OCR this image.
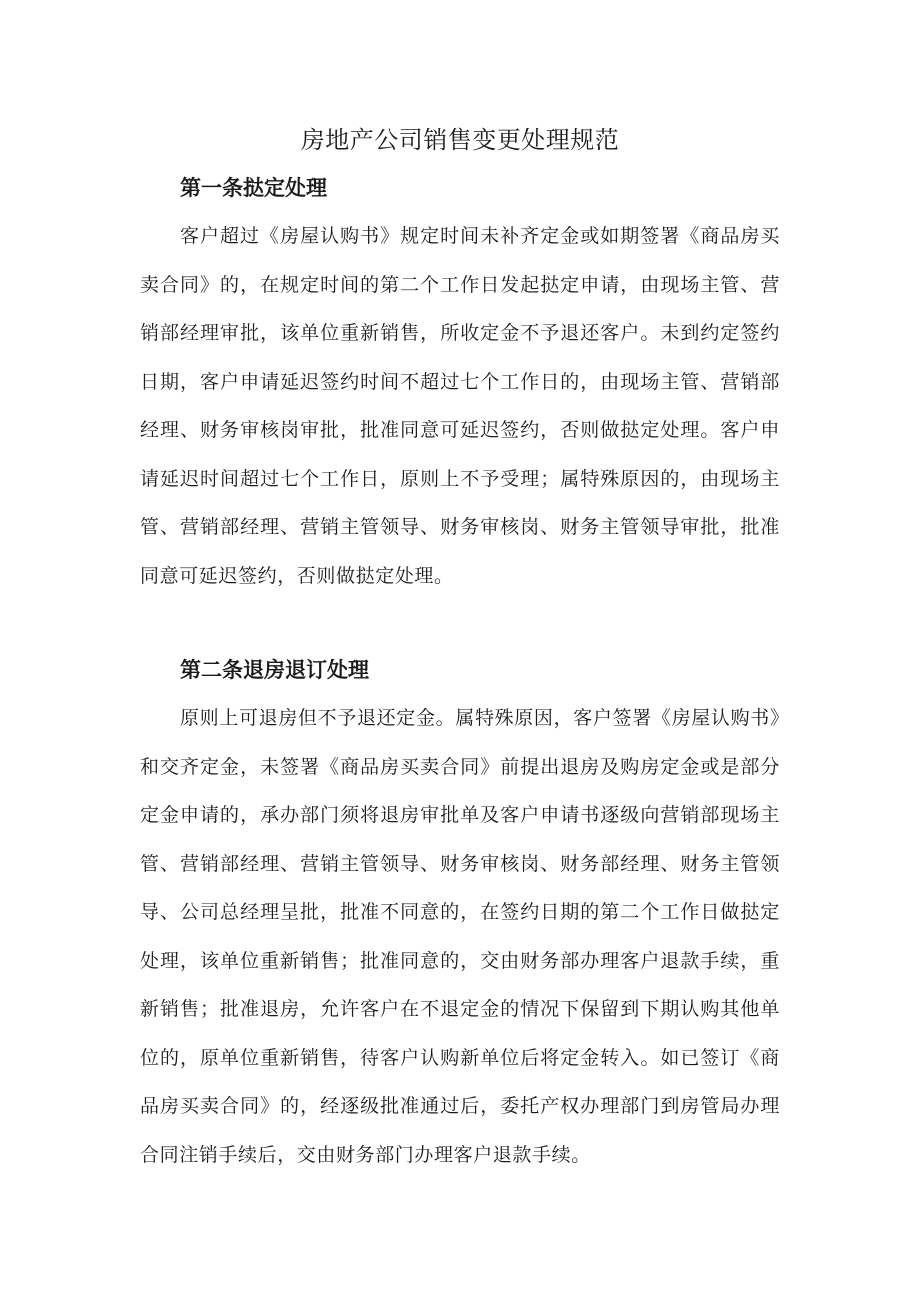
房地产公司销售变更处理规范
第一条挞定处理

客户超过《房屋认购书》规定时间未补齐定金或如期签署《商品房买卖合同》的，在规定时间的第二个工作日发起挞定申请，由现场主管、营销部经理审批，该单位重新销售，所收定金不予退还客户。未到约定签约日期，客户申请延迟签约时间不超过七个工作日的，由现场主管、营销部经理、财务审核岗审批，批准同意可延迟签约，否则做挞定处理。客户申请延迟时间超过七个工作日，原则上不予受理；属特殊原因的，由现场主管、营销部经理、营销主管领导、财务审核岗、财务主管领导审批，批准同意可延迟签约，否则做挞定处理。

第二条退房退订处理

原则上可退房但不予退还定金。属特殊原因，客户签署《房屋认购书》和交齐定金，未签署《商品房买卖合同》前提出退房及购房定金或是部分定金申请的，承办部门须将退房审批单及客户申请书逐级向营销部现场主管、营销部经理、营销主管领导、财务审核岗、财务部经理、财务主管领导、公司总经理呈批，批准不同意的，在签约日期的第二个工作日做挞定处理，该单位重新销售；批准同意的，交由财务部办理客户退款手续，重新销售；批准退房，允许客户在不退定金的情况下保留到下期认购其他单位的，原单位重新销售，待客户认购新单位后将定金转入。如已签订《商品房买卖合同》的，经逐级批准通过后，委托产权办理部门到房管局办理合同注销手续后，交由财务部门办理客户退款手续。
